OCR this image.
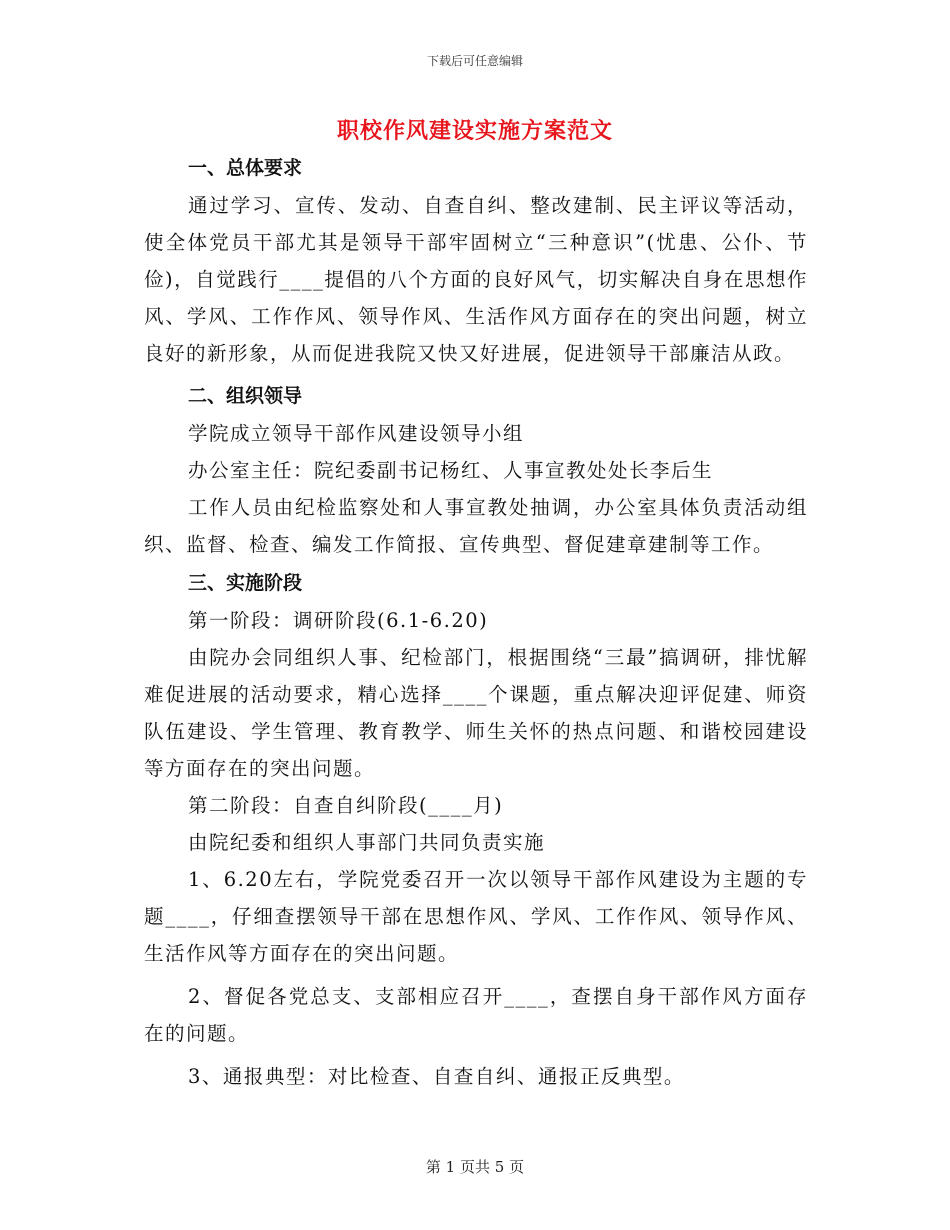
下载后可任意编辑
职校作风建设实施方案范文
一、总体要求

通过学习、宣传、发动、自查自纠、整改建制、民主评议等活动，使全体党员干部尤其是领导干部牢固树立“三种意识”(忧患、公仆、节俭)，自觉践行____提倡的八个方面的良好风气，切实解决自身在思想作风、学风、工作作风、领导作风、生活作风方面存在的突出问题，树立良好的新形象，从而促进我院又快又好进展，促进领导干部廉洁从政。

二、组织领导

学院成立领导干部作风建设领导小组

办公室主任：院纪委副书记杨红、人事宣教处处长李后生

工作人员由纪检监察处和人事宣教处抽调，办公室具体负责活动组织、监督、检查、编发工作简报、宣传典型、督促建章建制等工作。

三、实施阶段

第一阶段：调研阶段(6.1-6.20)

由院办会同组织人事、纪检部门，根据围绕“三最”搞调研，排忧解难促进展的活动要求，精心选择____个课题，重点解决迎评促建、师资队伍建设、学生管理、教育教学、师生关怀的热点问题、和谐校园建设等方面存在的突出问题。

第二阶段：自查自纠阶段(____月)

由院纪委和组织人事部门共同负责实施

1、6.20左右，学院党委召开一次以领导干部作风建设为主题的专题____，仔细查摆领导干部在思想作风、学风、工作作风、领导作风、生活作风等方面存在的突出问题。

2、督促各党总支、支部相应召开____，查摆自身干部作风方面存在的问题。

3、通报典型：对比检查、自查自纠、通报正反典型。

第 1 页共 5 页
